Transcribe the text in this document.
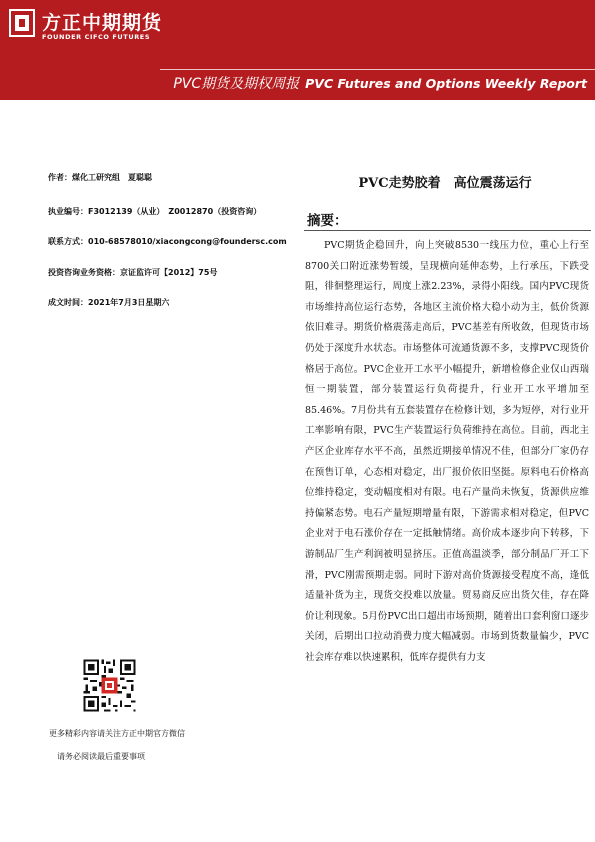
方正中期期货
FOUNDER CIFCO FUTURES
PVC期货及期权周报 PVC Futures and Options Weekly Report
作者：煤化工研究组　夏聪聪
执业编号：F3012139（从业）　Z0012870（投资咨询）
联系方式：010-68578010/xiacongcong@foundersc.com
投资咨询业务资格：京证监许可【2012】75号
成文时间：2021年7月3日星期六
PVC走势胶着　高位震荡运行
摘要：
PVC期货企稳回升，向上突破8530一线压力位，重心上行至8700关口附近涨势暂缓，呈现横向延伸态势，上行承压，下跌受阻，徘徊整理运行，周度上涨2.23%，录得小阳线。国内PVC现货市场维持高位运行态势，各地区主流价格大稳小动为主，低价货源依旧难寻。期货价格震荡走高后，PVC基差有所收敛，但现货市场仍处于深度升水状态。市场整体可流通货源不多，支撑PVC现货价格居于高位。PVC企业开工水平小幅提升，新增检修企业仅山西瑞恒一期装置，部分装置运行负荷提升，行业开工水平增加至85.46%。7月份共有五套装置存在检修计划，多为短停，对行业开工率影响有限，PVC生产装置运行负荷维持在高位。目前，西北主产区企业库存水平不高，虽然近期接单情况不佳，但部分厂家仍存在预售订单，心态相对稳定，出厂报价依旧坚挺。原料电石价格高位维持稳定，变动幅度相对有限。电石产量尚未恢复，货源供应维持偏紧态势。电石产量短期增量有限，下游需求相对稳定，但PVC企业对于电石涨价存在一定抵触情绪。高价成本逐步向下转移，下游制品厂生产利润被明显挤压。正值高温淡季，部分制品厂开工下滑，PVC刚需预期走弱。同时下游对高价货源接受程度不高，逢低适量补货为主，现货交投难以放量。贸易商反应出货欠佳，存在降价让利现象。5月份PVC出口超出市场预期，随着出口套利窗口逐步关闭，后期出口拉动消费力度大幅减弱。市场到货数量偏少，PVC社会库存难以快速累积，低库存提供有力支
更多精彩内容请关注方正中期官方微信
请务必阅读最后重要事项
